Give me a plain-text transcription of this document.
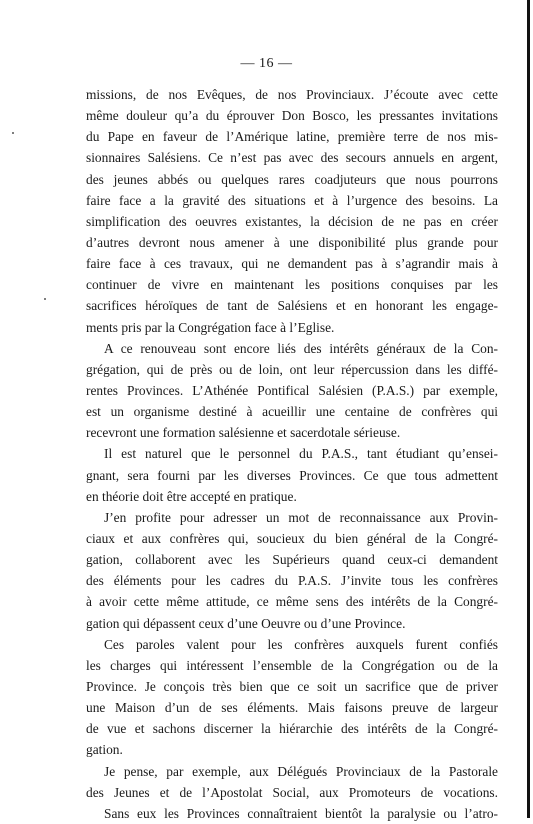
— 16 —
missions, de nos Evêques, de nos Provinciaux. J’écoute avec cette
même douleur qu’a du éprouver Don Bosco, les pressantes invitations
du Pape en faveur de l’Amérique latine, première terre de nos mis-
sionnaires Salésiens. Ce n’est pas avec des secours annuels en argent,
des jeunes abbés ou quelques rares coadjuteurs que nous pourrons
faire face a la gravité des situations et à l’urgence des besoins. La
simplification des oeuvres existantes, la décision de ne pas en créer
d’autres devront nous amener à une disponibilité plus grande pour
faire face à ces travaux, qui ne demandent pas à s’agrandir mais à
continuer de vivre en maintenant les positions conquises par les
sacrifices héroïques de tant de Salésiens et en honorant les engage-
ments pris par la Congrégation face à l’Eglise.
A ce renouveau sont encore liés des intérêts généraux de la Con-
grégation, qui de près ou de loin, ont leur répercussion dans les diffé-
rentes Provinces. L’Athénée Pontifical Salésien (P.A.S.) par exemple,
est un organisme destiné à acueillir une centaine de confrères qui
recevront une formation salésienne et sacerdotale sérieuse.
Il est naturel que le personnel du P.A.S., tant étudiant qu’ensei-
gnant, sera fourni par les diverses Provinces. Ce que tous admettent
en théorie doit être accepté en pratique.
J’en profite pour adresser un mot de reconnaissance aux Provin-
ciaux et aux confrères qui, soucieux du bien général de la Congré-
gation, collaborent avec les Supérieurs quand ceux-ci demandent
des éléments pour les cadres du P.A.S. J’invite tous les confrères
à avoir cette même attitude, ce même sens des intérêts de la Congré-
gation qui dépassent ceux d’une Oeuvre ou d’une Province.
Ces paroles valent pour les confrères auxquels furent confiés
les charges qui intéressent l’ensemble de la Congrégation ou de la
Province. Je conçois très bien que ce soit un sacrifice que de priver
une Maison d’un de ses éléments. Mais faisons preuve de largeur
de vue et sachons discerner la hiérarchie des intérêts de la Congré-
gation.
Je pense, par exemple, aux Délégués Provinciaux de la Pastorale
des Jeunes et de l’Apostolat Social, aux Promoteurs de vocations.
Sans eux les Provinces connaîtraient bientôt la paralysie ou l’atro-
